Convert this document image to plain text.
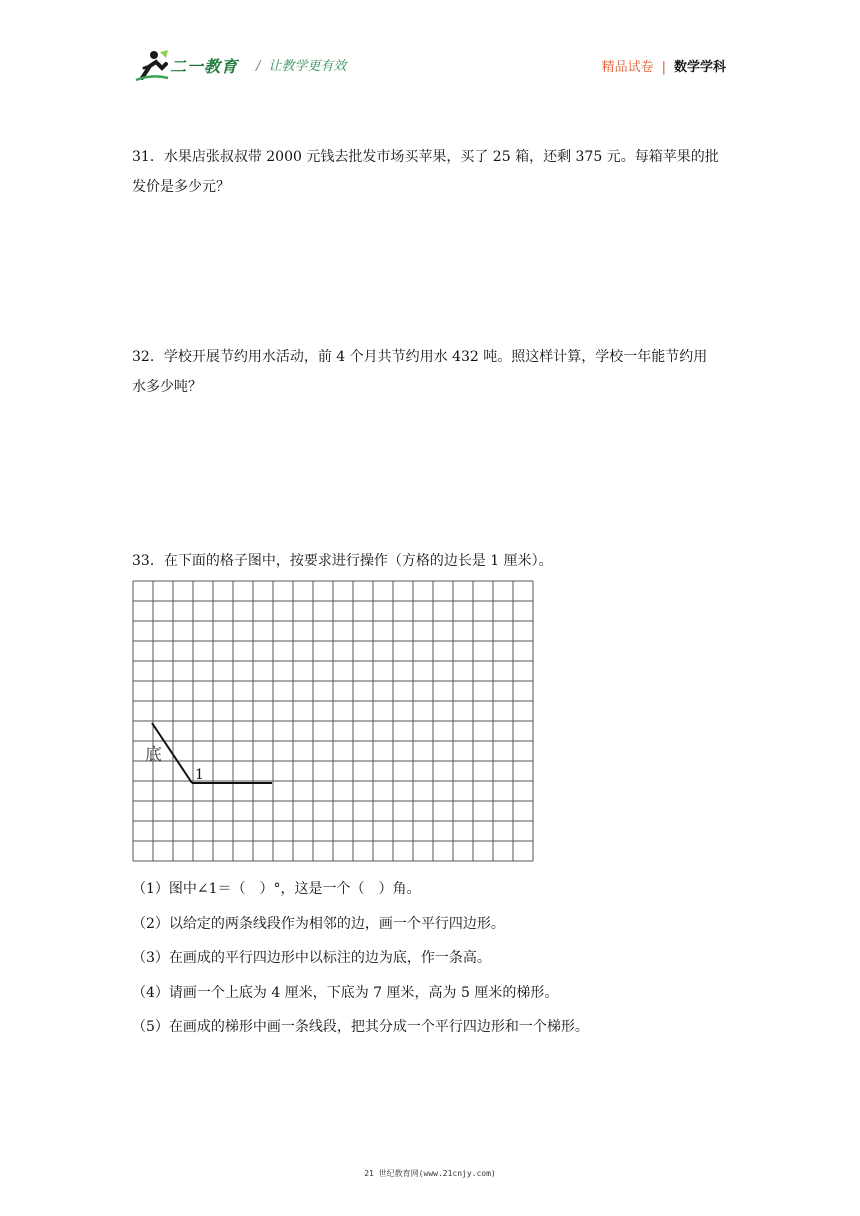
二一教育 / 让教学更有效	精品试卷 | 数学学科
31．水果店张叔叔带 2000 元钱去批发市场买苹果，买了 25 箱，还剩 375 元。每箱苹果的批
发价是多少元？
32．学校开展节约用水活动，前 4 个月共节约用水 432 吨。照这样计算，学校一年能节约用
水多少吨？
33．在下面的格子图中，按要求进行操作（方格的边长是 1 厘米）。
底
1
（1）图中∠1＝（　）°，这是一个（　）角。
（2）以给定的两条线段作为相邻的边，画一个平行四边形。
（3）在画成的平行四边形中以标注的边为底，作一条高。
（4）请画一个上底为 4 厘米，下底为 7 厘米，高为 5 厘米的梯形。
（5）在画成的梯形中画一条线段，把其分成一个平行四边形和一个梯形。
21 世纪教育网(www.21cnjy.com)
